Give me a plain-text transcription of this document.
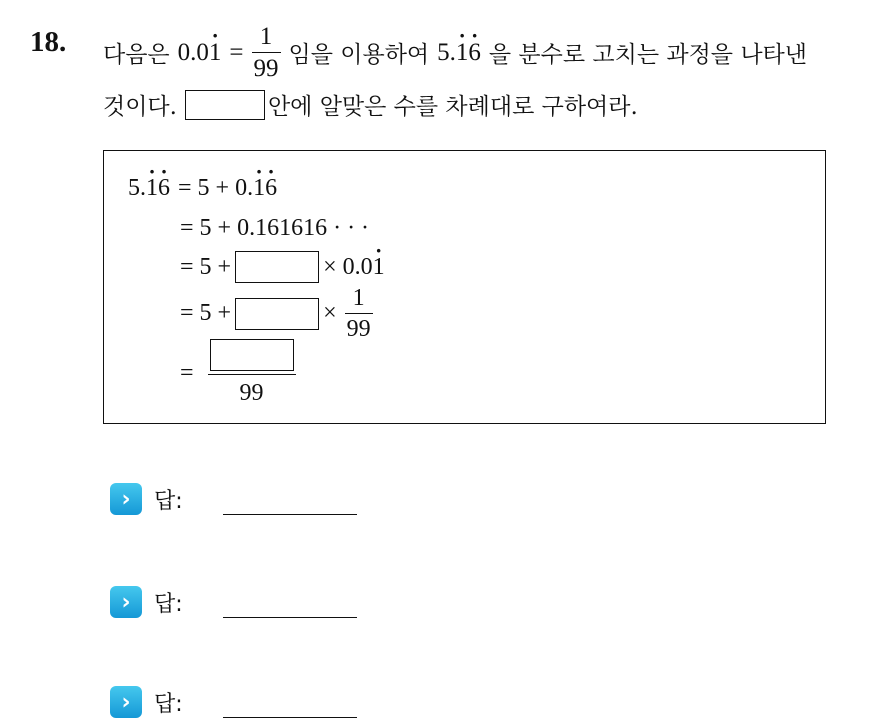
18. 다음은 $0.0\cdot 1 = \frac{1}{99}$ 임을 이용하여 5.· 1· 6 을 분수로 고치는 과정을 나타낸
것이다.	안에 알맞은 수를 차례대로 구하여라.
5. · 1 · 6 = 5 + 0. · 1 · 6
= 5 + 0.161616 · · ·
= 5 +	× 0.0 · 1
= 5 +	× $\frac{1}{99}$
=
99
›	답:
›	답:
›	답:
